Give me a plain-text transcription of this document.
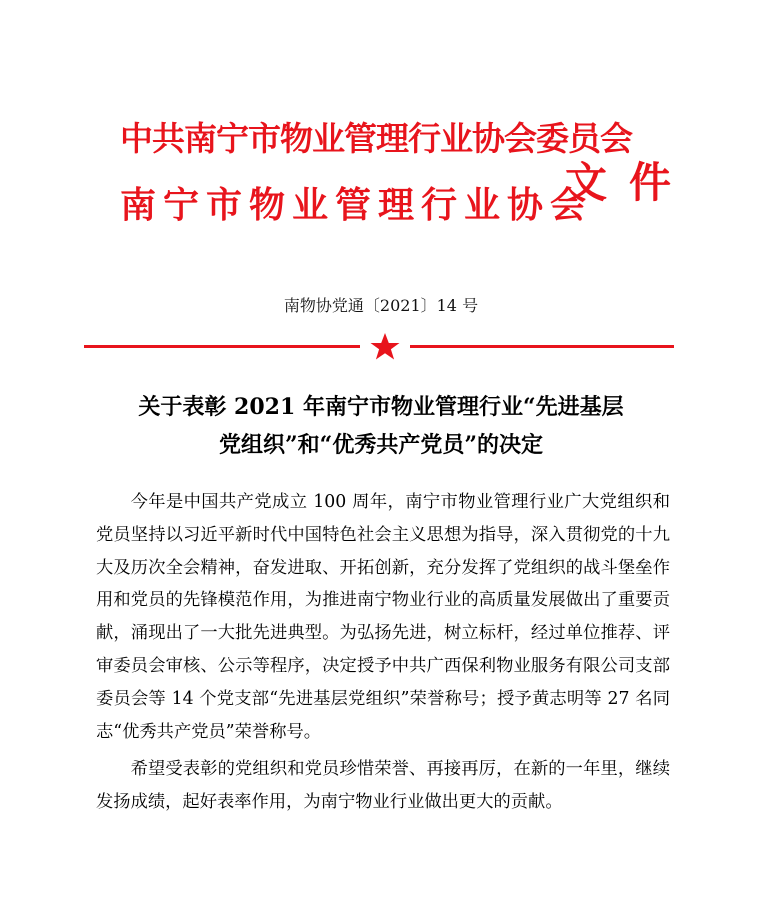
中共南宁市物业管理行业协会委员会
南宁市物业管理行业协会
文件
南物协党通〔2021〕14 号
关于表彰 2021 年南宁市物业管理行业“先进基层
党组织”和“优秀共产党员”的决定

今年是中国共产党成立 100 周年，南宁市物业管理行业广大党组织和党员坚持以习近平新时代中国特色社会主义思想为指导，深入贯彻党的十九大及历次全会精神，奋发进取、开拓创新，充分发挥了党组织的战斗堡垒作用和党员的先锋模范作用，为推进南宁物业行业的高质量发展做出了重要贡献，涌现出了一大批先进典型。为弘扬先进，树立标杆，经过单位推荐、评审委员会审核、公示等程序，决定授予中共广西保利物业服务有限公司支部委员会等 14 个党支部“先进基层党组织”荣誉称号；授予黄志明等 27 名同志“优秀共产党员”荣誉称号。

希望受表彰的党组织和党员珍惜荣誉、再接再厉，在新的一年里，继续发扬成绩，起好表率作用，为南宁物业行业做出更大的贡献。
